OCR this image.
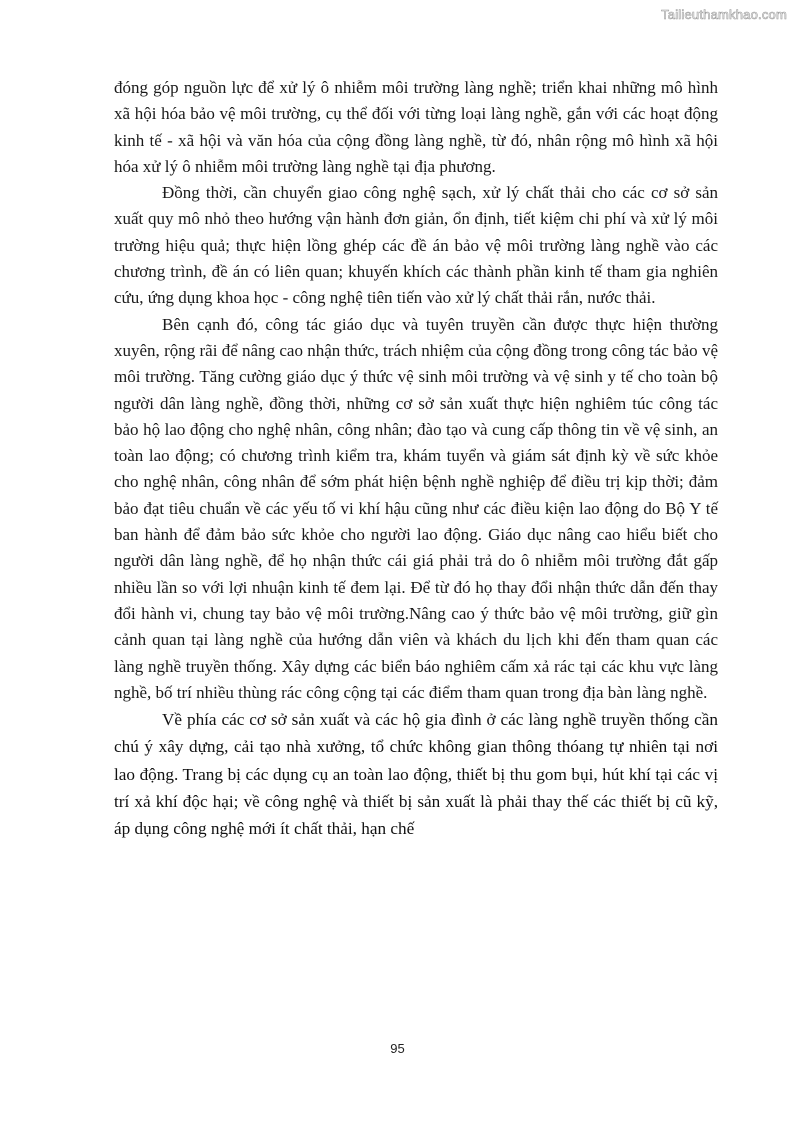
Tailieuthamkhao.com

đóng góp nguồn lực để xử lý ô nhiễm môi trường làng nghề; triển khai những mô hình xã hội hóa bảo vệ môi trường, cụ thể đối với từng loại làng nghề, gắn với các hoạt động kinh tế - xã hội và văn hóa của cộng đồng làng nghề, từ đó, nhân rộng mô hình xã hội hóa xử lý ô nhiễm môi trường làng nghề tại địa phương.

Đồng thời, cần chuyển giao công nghệ sạch, xử lý chất thải cho các cơ sở sản xuất quy mô nhỏ theo hướng vận hành đơn giản, ổn định, tiết kiệm chi phí và xử lý môi trường hiệu quả; thực hiện lồng ghép các đề án bảo vệ môi trường làng nghề vào các chương trình, đề án có liên quan; khuyến khích các thành phần kinh tế tham gia nghiên cứu, ứng dụng khoa học - công nghệ tiên tiến vào xử lý chất thải rắn, nước thải.

Bên cạnh đó, công tác giáo dục và tuyên truyền cần được thực hiện thường xuyên, rộng rãi để nâng cao nhận thức, trách nhiệm của cộng đồng trong công tác bảo vệ môi trường. Tăng cường giáo dục ý thức vệ sinh môi trường và vệ sinh y tế cho toàn bộ người dân làng nghề, đồng thời, những cơ sở sản xuất thực hiện nghiêm túc công tác bảo hộ lao động cho nghệ nhân, công nhân; đào tạo và cung cấp thông tin về vệ sinh, an toàn lao động; có chương trình kiểm tra, khám tuyển và giám sát định kỳ về sức khỏe cho nghệ nhân, công nhân để sớm phát hiện bệnh nghề nghiệp để điều trị kịp thời; đảm bảo đạt tiêu chuẩn về các yếu tố vi khí hậu cũng như các điều kiện lao động do Bộ Y tế ban hành để đảm bảo sức khỏe cho người lao động. Giáo dục nâng cao hiểu biết cho người dân làng nghề, để họ nhận thức cái giá phải trả do ô nhiễm môi trường đắt gấp nhiều lần so với lợi nhuận kinh tế đem lại. Để từ đó họ thay đổi nhận thức dẫn đến thay đổi hành vi, chung tay bảo vệ môi trường.Nâng cao ý thức bảo vệ môi trường, giữ gìn cảnh quan tại làng nghề của hướng dẫn viên và khách du lịch khi đến tham quan các làng nghề truyền thống. Xây dựng các biển báo nghiêm cấm xả rác tại các khu vực làng nghề, bố trí nhiều thùng rác công cộng tại các điểm tham quan trong địa bàn làng nghề.

Về phía các cơ sở sản xuất và các hộ gia đình ở các làng nghề truyền thống cần chú ý xây dựng, cải tạo nhà xưởng, tổ chức không gian thông thóang tự nhiên tại nơi lao động. Trang bị các dụng cụ an toàn lao động, thiết bị thu gom bụi, hút khí tại các vị trí xả khí độc hại; về công nghệ và thiết bị sản xuất là phải thay thế các thiết bị cũ kỹ, áp dụng công nghệ mới ít chất thải, hạn chế

95
